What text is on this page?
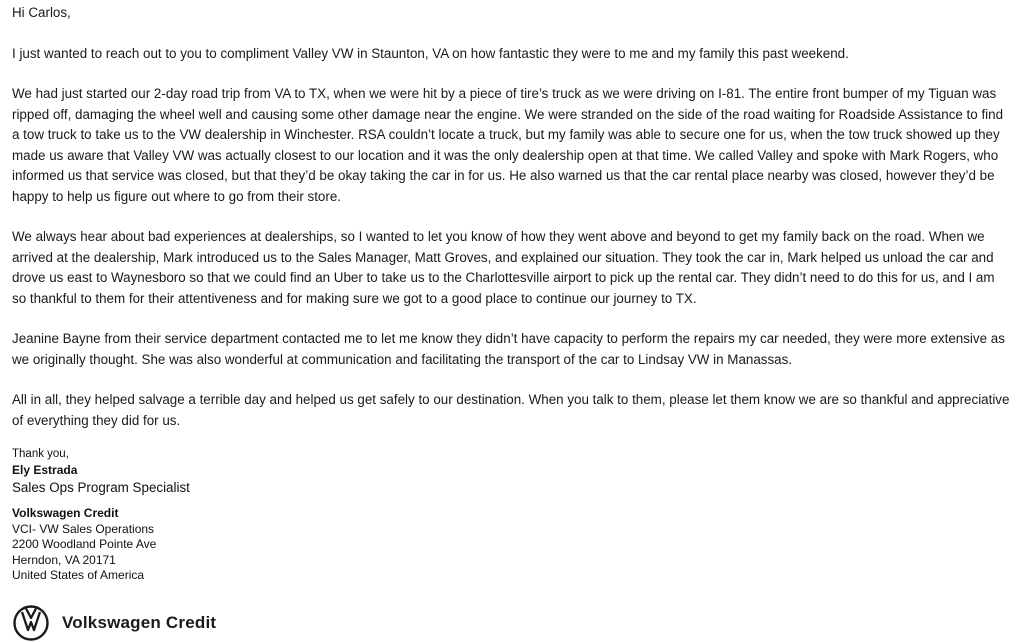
Hi Carlos,

I just wanted to reach out to you to compliment Valley VW in Staunton, VA on how fantastic they were to me and my family this past weekend.

We had just started our 2-day road trip from VA to TX, when we were hit by a piece of tire’s truck as we were driving on I-81. The entire front bumper of my Tiguan was ripped off, damaging the wheel well and causing some other damage near the engine. We were stranded on the side of the road waiting for Roadside Assistance to find a tow truck to take us to the VW dealership in Winchester. RSA couldn’t locate a truck, but my family was able to secure one for us, when the tow truck showed up they made us aware that Valley VW was actually closest to our location and it was the only dealership open at that time. We called Valley and spoke with Mark Rogers, who informed us that service was closed, but that they’d be okay taking the car in for us. He also warned us that the car rental place nearby was closed, however they’d be happy to help us figure out where to go from their store.

We always hear about bad experiences at dealerships, so I wanted to let you know of how they went above and beyond to get my family back on the road. When we arrived at the dealership, Mark introduced us to the Sales Manager, Matt Groves, and explained our situation. They took the car in, Mark helped us unload the car and drove us east to Waynesboro so that we could find an Uber to take us to the Charlottesville airport to pick up the rental car. They didn’t need to do this for us, and I am so thankful to them for their attentiveness and for making sure we got to a good place to continue our journey to TX.

Jeanine Bayne from their service department contacted me to let me know they didn’t have capacity to perform the repairs my car needed, they were more extensive as we originally thought. She was also wonderful at communication and facilitating the transport of the car to Lindsay VW in Manassas.

All in all, they helped salvage a terrible day and helped us get safely to our destination. When you talk to them, please let them know we are so thankful and appreciative of everything they did for us.

Thank you,
Ely Estrada
Sales Ops Program Specialist
Volkswagen Credit
VCI- VW Sales Operations
2200 Woodland Pointe Ave
Herndon, VA 20171
United States of America
Volkswagen Credit
